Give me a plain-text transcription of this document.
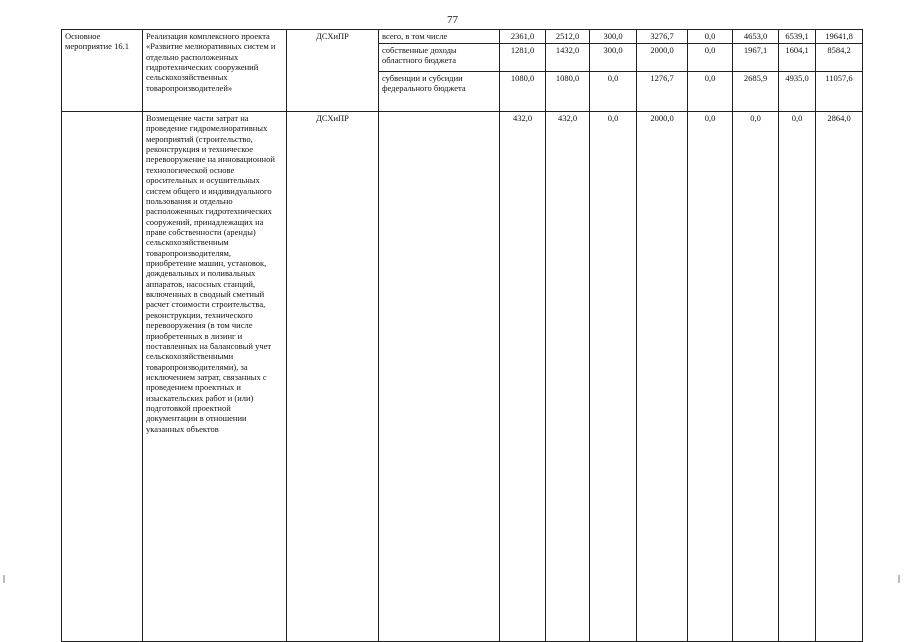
77
Основное мероприятие 16.1	Реализация комплексного проекта «Развитие мелиоративных систем и отдельно расположенных гидротехнических сооружений сельскохозяйственных товаропроизводителей»	ДСХиПР	всего, в том числе	2361,0	2512,0	300,0	3276,7	0,0	4653,0	6539,1	19641,8
			собственные доходы областного бюджета	1281,0	1432,0	300,0	2000,0	0,0	1967,1	1604,1	8584,2
			субвенции и субсидии федерального бюджета	1080,0	1080,0	0,0	1276,7	0,0	2685,9	4935,0	11057,6
	Возмещение части затрат на проведение гидромелиоративных мероприятий (строительство, реконструкция и техническое перевооружение на инновационной технологической основе оросительных и осушительных систем общего и индивидуального пользования и отдельно расположенных гидротехнических сооружений, принадлежащих на праве собственности (аренды) сельскохозяйственным товаропроизводителям, приобретение машин, установок, дождевальных и поливальных аппаратов, насосных станций, включенных в сводный сметный расчет стоимости строительства, реконструкции, технического перевооружения (в том числе приобретенных в лизинг и поставленных на балансовый учет сельскохозяйственными товаропроизводителями), за исключением затрат, связанных с проведением проектных и изыскательских работ и (или) подготовкой проектной документации в отношении указанных объектов	ДСХиПР		432,0	432,0	0,0	2000,0	0,0	0,0	0,0	2864,0
